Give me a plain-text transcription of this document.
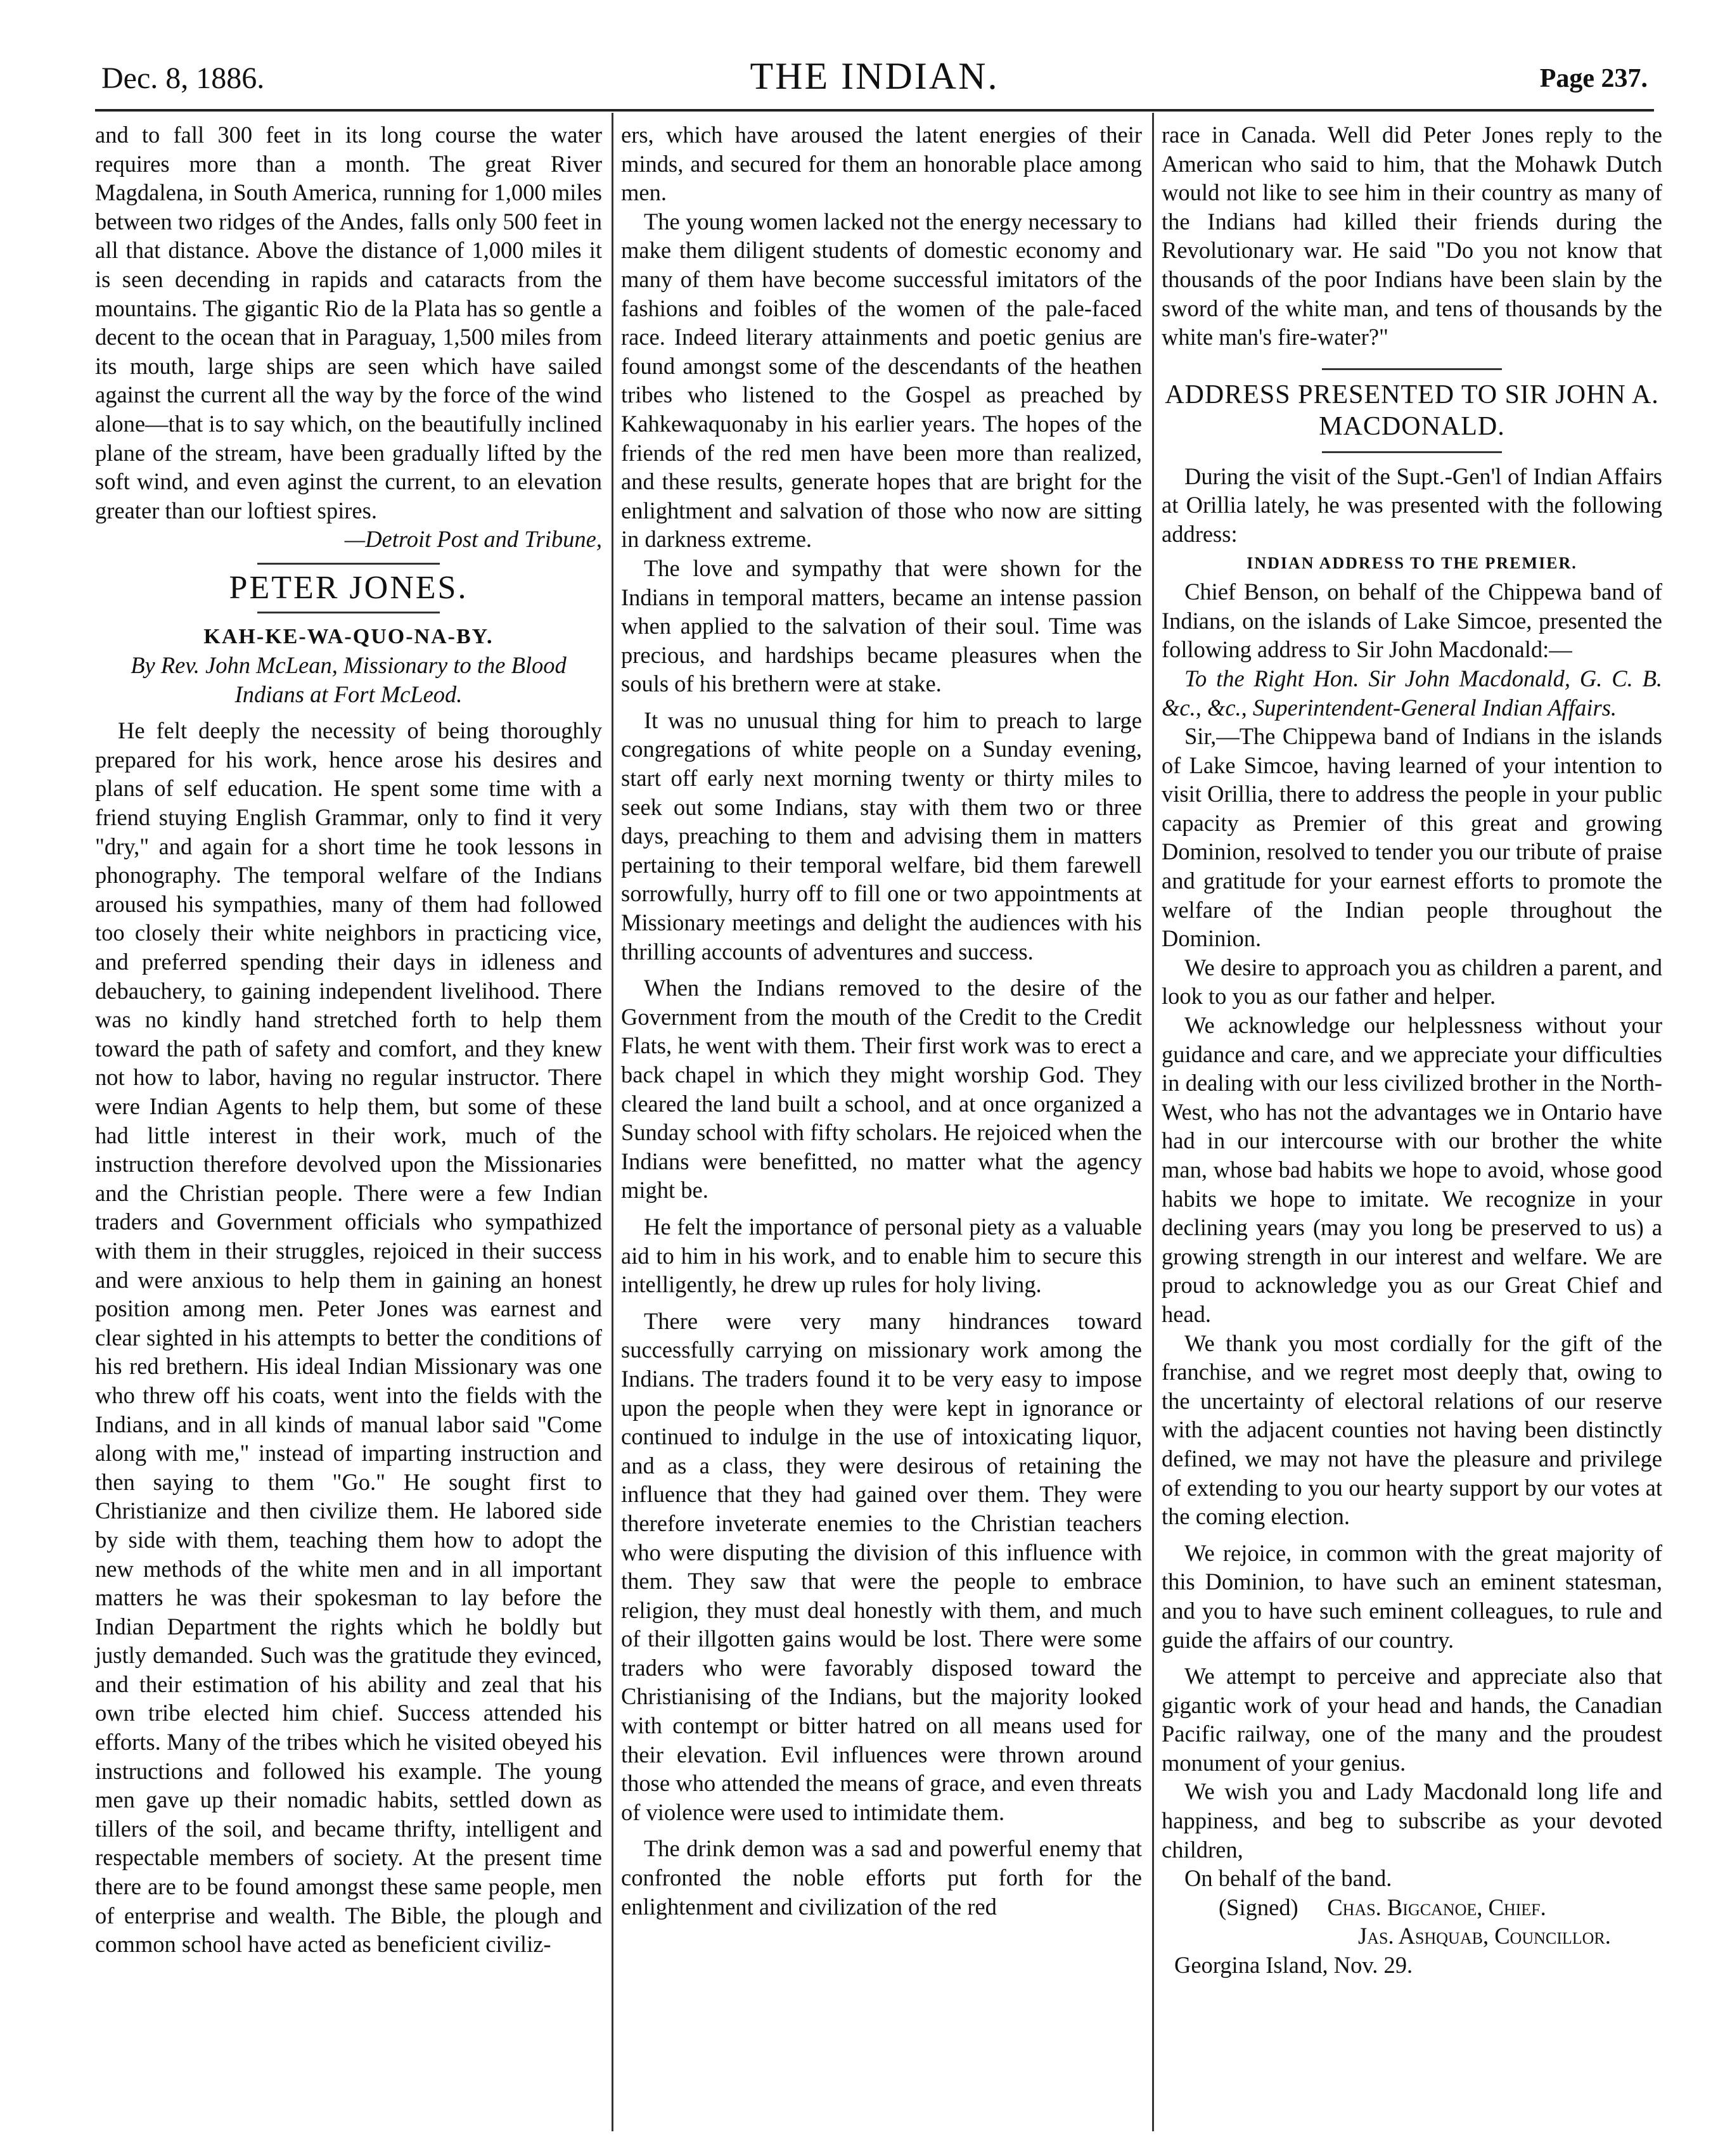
Dec. 8, 1886.	THE INDIAN.	Page 237.

and to fall 300 feet in its long course the water requires more than a month. The great River Magdalena, in South America, running for 1,000 miles between two ridges of the Andes, falls only 500 feet in all that distance. Above the distance of 1,000 miles it is seen decending in rapids and cataracts from the mountains. The gigantic Rio de la Plata has so gentle a decent to the ocean that in Paraguay, 1,500 miles from its mouth, large ships are seen which have sailed against the current all the way by the force of the wind alone—that is to say which, on the beautifully inclined plane of the stream, have been gradually lifted by the soft wind, and even aginst the current, to an elevation greater than our loftiest spires.

—Detroit Post and Tribune,

PETER JONES.

KAH-KE-WA-QUO-NA-BY.

By Rev. John McLean, Missionary to the Blood Indians at Fort McLeod.

He felt deeply the necessity of being thoroughly prepared for his work, hence arose his desires and plans of self education. He spent some time with a friend stuying English Grammar, only to find it very "dry," and again for a short time he took lessons in phonography. The temporal welfare of the Indians aroused his sympathies, many of them had followed too closely their white neighbors in practicing vice, and preferred spending their days in idleness and debauchery, to gaining independent livelihood. There was no kindly hand stretched forth to help them toward the path of safety and comfort, and they knew not how to labor, having no regular instructor. There were Indian Agents to help them, but some of these had little interest in their work, much of the instruction therefore devolved upon the Missionaries and the Christian people. There were a few Indian traders and Government officials who sympathized with them in their struggles, rejoiced in their success and were anxious to help them in gaining an honest position among men. Peter Jones was earnest and clear sighted in his attempts to better the conditions of his red brethern. His ideal Indian Missionary was one who threw off his coats, went into the fields with the Indians, and in all kinds of manual labor said "Come along with me," instead of imparting instruction and then saying to them "Go." He sought first to Christianize and then civilize them. He labored side by side with them, teaching them how to adopt the new methods of the white men and in all important matters he was their spokesman to lay before the Indian Department the rights which he boldly but justly demanded. Such was the gratitude they evinced, and their estimation of his ability and zeal that his own tribe elected him chief. Success attended his efforts. Many of the tribes which he visited obeyed his instructions and followed his example. The young men gave up their nomadic habits, settled down as tillers of the soil, and became thrifty, intelligent and respectable members of society. At the present time there are to be found amongst these same people, men of enterprise and wealth. The Bible, the plough and common school have acted as beneficient civiliz-

ers, which have aroused the latent energies of their minds, and secured for them an honorable place among men.

The young women lacked not the energy necessary to make them diligent students of domestic economy and many of them have become successful imitators of the fashions and foibles of the women of the pale-faced race. Indeed literary attainments and poetic genius are found amongst some of the descendants of the heathen tribes who listened to the Gospel as preached by Kahkewaquonaby in his earlier years. The hopes of the friends of the red men have been more than realized, and these results, generate hopes that are bright for the enlightment and salvation of those who now are sitting in darkness extreme.

The love and sympathy that were shown for the Indians in temporal matters, became an intense passion when applied to the salvation of their soul. Time was precious, and hardships became pleasures when the souls of his brethern were at stake.

It was no unusual thing for him to preach to large congregations of white people on a Sunday evening, start off early next morning twenty or thirty miles to seek out some Indians, stay with them two or three days, preaching to them and advising them in matters pertaining to their temporal welfare, bid them farewell sorrowfully, hurry off to fill one or two appointments at Missionary meetings and delight the audiences with his thrilling accounts of adventures and success.

When the Indians removed to the desire of the Government from the mouth of the Credit to the Credit Flats, he went with them. Their first work was to erect a back chapel in which they might worship God. They cleared the land built a school, and at once organized a Sunday school with fifty scholars. He rejoiced when the Indians were benefitted, no matter what the agency might be.

He felt the importance of personal piety as a valuable aid to him in his work, and to enable him to secure this intelligently, he drew up rules for holy living.

There were very many hindrances toward successfully carrying on missionary work among the Indians. The traders found it to be very easy to impose upon the people when they were kept in ignorance or continued to indulge in the use of intoxicating liquor, and as a class, they were desirous of retaining the influence that they had gained over them. They were therefore inveterate enemies to the Christian teachers who were disputing the division of this influence with them. They saw that were the people to embrace religion, they must deal honestly with them, and much of their illgotten gains would be lost. There were some traders who were favorably disposed toward the Christianising of the Indians, but the majority looked with contempt or bitter hatred on all means used for their elevation. Evil influences were thrown around those who attended the means of grace, and even threats of violence were used to intimidate them.

The drink demon was a sad and powerful enemy that confronted the noble efforts put forth for the enlightenment and civilization of the red

race in Canada. Well did Peter Jones reply to the American who said to him, that the Mohawk Dutch would not like to see him in their country as many of the Indians had killed their friends during the Revolutionary war. He said "Do you not know that thousands of the poor Indians have been slain by the sword of the white man, and tens of thousands by the white man's fire-water?"

ADDRESS PRESENTED TO SIR JOHN A. MACDONALD.

During the visit of the Supt.-Gen'l of Indian Affairs at Orillia lately, he was presented with the following address:

INDIAN ADDRESS TO THE PREMIER.

Chief Benson, on behalf of the Chippewa band of Indians, on the islands of Lake Simcoe, presented the following address to Sir John Macdonald:—

To the Right Hon. Sir John Macdonald, G. C. B. &c., &c., Superintendent-General Indian Affairs.

Sir,—The Chippewa band of Indians in the islands of Lake Simcoe, having learned of your intention to visit Orillia, there to address the people in your public capacity as Premier of this great and growing Dominion, resolved to tender you our tribute of praise and gratitude for your earnest efforts to promote the welfare of the Indian people throughout the Dominion.

We desire to approach you as children a parent, and look to you as our father and helper.

We acknowledge our helplessness without your guidance and care, and we appreciate your difficulties in dealing with our less civilized brother in the North-West, who has not the advantages we in Ontario have had in our intercourse with our brother the white man, whose bad habits we hope to avoid, whose good habits we hope to imitate. We recognize in your declining years (may you long be preserved to us) a growing strength in our interest and welfare. We are proud to acknowledge you as our Great Chief and head.

We thank you most cordially for the gift of the franchise, and we regret most deeply that, owing to the uncertainty of electoral relations of our reserve with the adjacent counties not having been distinctly defined, we may not have the pleasure and privilege of extending to you our hearty support by our votes at the coming election.

We rejoice, in common with the great majority of this Dominion, to have such an eminent statesman, and you to have such eminent colleagues, to rule and guide the affairs of our country.

We attempt to perceive and appreciate also that gigantic work of your head and hands, the Canadian Pacific railway, one of the many and the proudest monument of your genius.

We wish you and Lady Macdonald long life and happiness, and beg to subscribe as your devoted children,

On behalf of the band.

(Signed) Chas. Bigcanoe, Chief.

Jas. Ashquab, Councillor.

Georgina Island, Nov. 29.
